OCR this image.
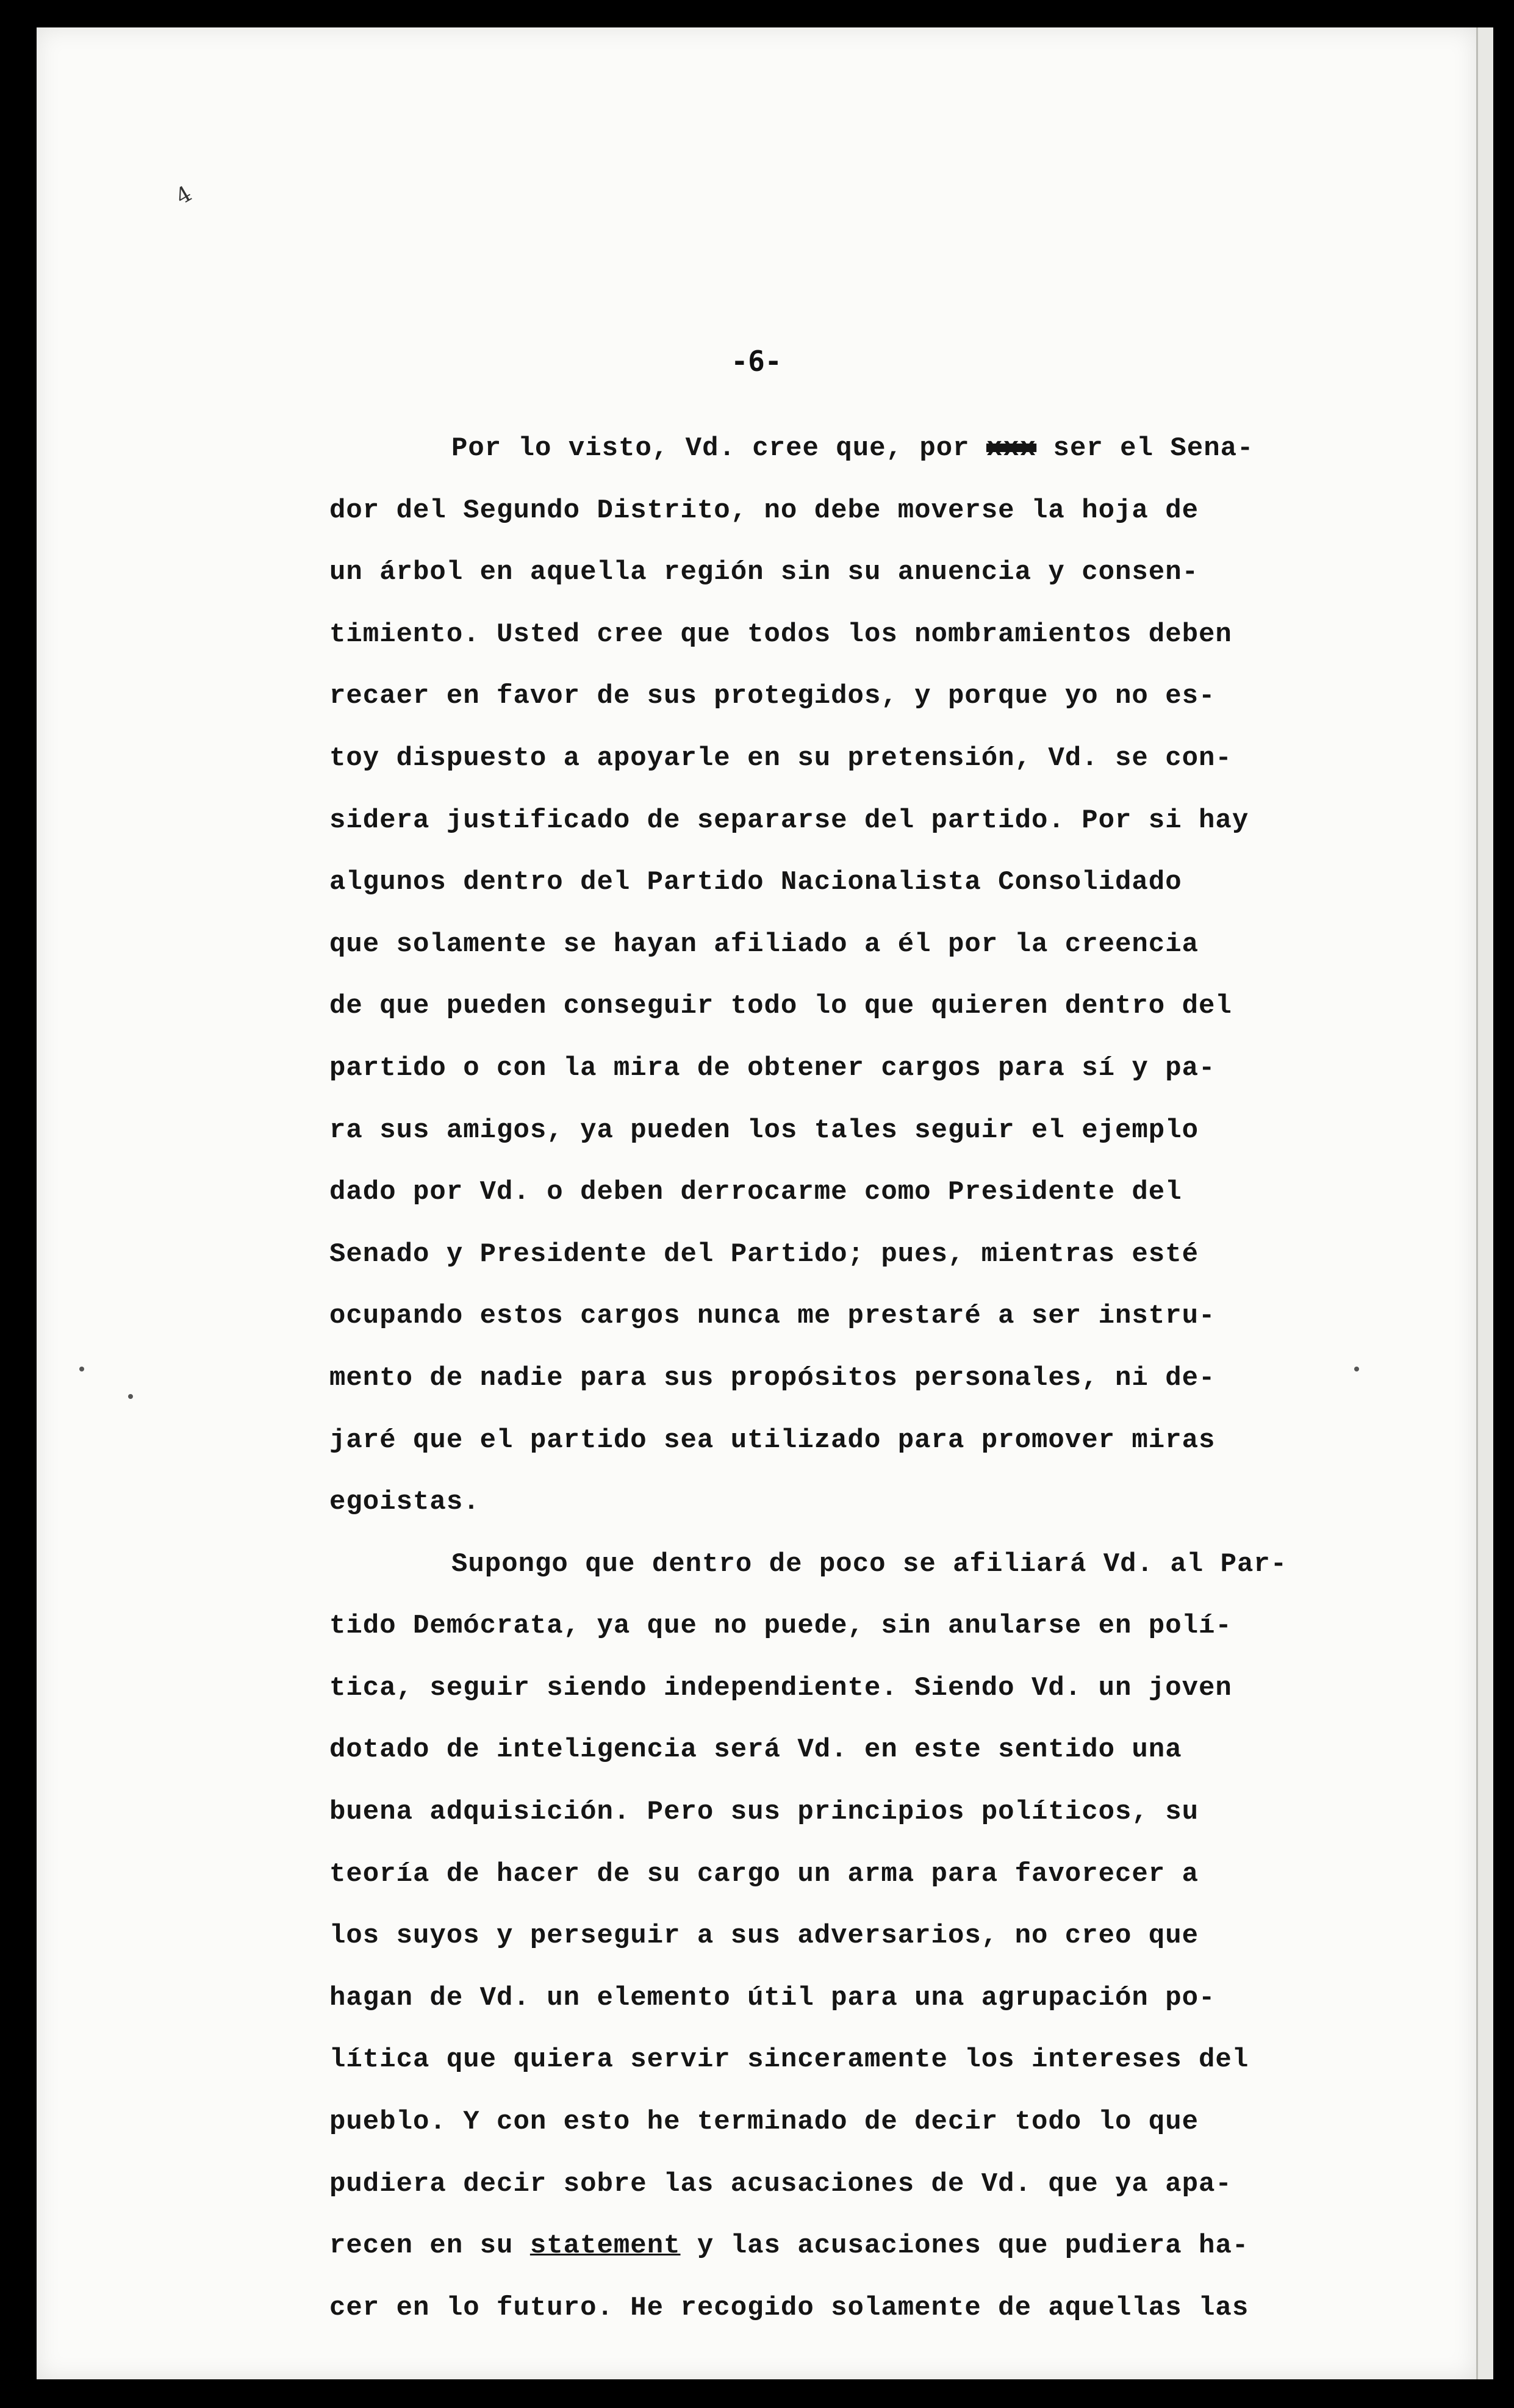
4
-6-
Por lo visto, Vd. cree que, por xxx ser el Sena-
dor del Segundo Distrito, no debe moverse la hoja de
un árbol en aquella región sin su anuencia y consen-
timiento. Usted cree que todos los nombramientos deben
recaer en favor de sus protegidos, y porque yo no es-
toy dispuesto a apoyarle en su pretensión, Vd. se con-
sidera justificado de separarse del partido. Por si hay
algunos dentro del Partido Nacionalista Consolidado
que solamente se hayan afiliado a él por la creencia
de que pueden conseguir todo lo que quieren dentro del
partido o con la mira de obtener cargos para sí y pa-
ra sus amigos, ya pueden los tales seguir el ejemplo
dado por Vd. o deben derrocarme como Presidente del
Senado y Presidente del Partido; pues, mientras esté
ocupando estos cargos nunca me prestaré a ser instru-
mento de nadie para sus propósitos personales, ni de-
jaré que el partido sea utilizado para promover miras
egoistas.
Supongo que dentro de poco se afiliará Vd. al Par-
tido Demócrata, ya que no puede, sin anularse en polí-
tica, seguir siendo independiente. Siendo Vd. un joven
dotado de inteligencia será Vd. en este sentido una
buena adquisición. Pero sus principios políticos, su
teoría de hacer de su cargo un arma para favorecer a
los suyos y perseguir a sus adversarios, no creo que
hagan de Vd. un elemento útil para una agrupación po-
lítica que quiera servir sinceramente los intereses del
pueblo. Y con esto he terminado de decir todo lo que
pudiera decir sobre las acusaciones de Vd. que ya apa-
recen en su statement y las acusaciones que pudiera ha-
cer en lo futuro. He recogido solamente de aquellas las
